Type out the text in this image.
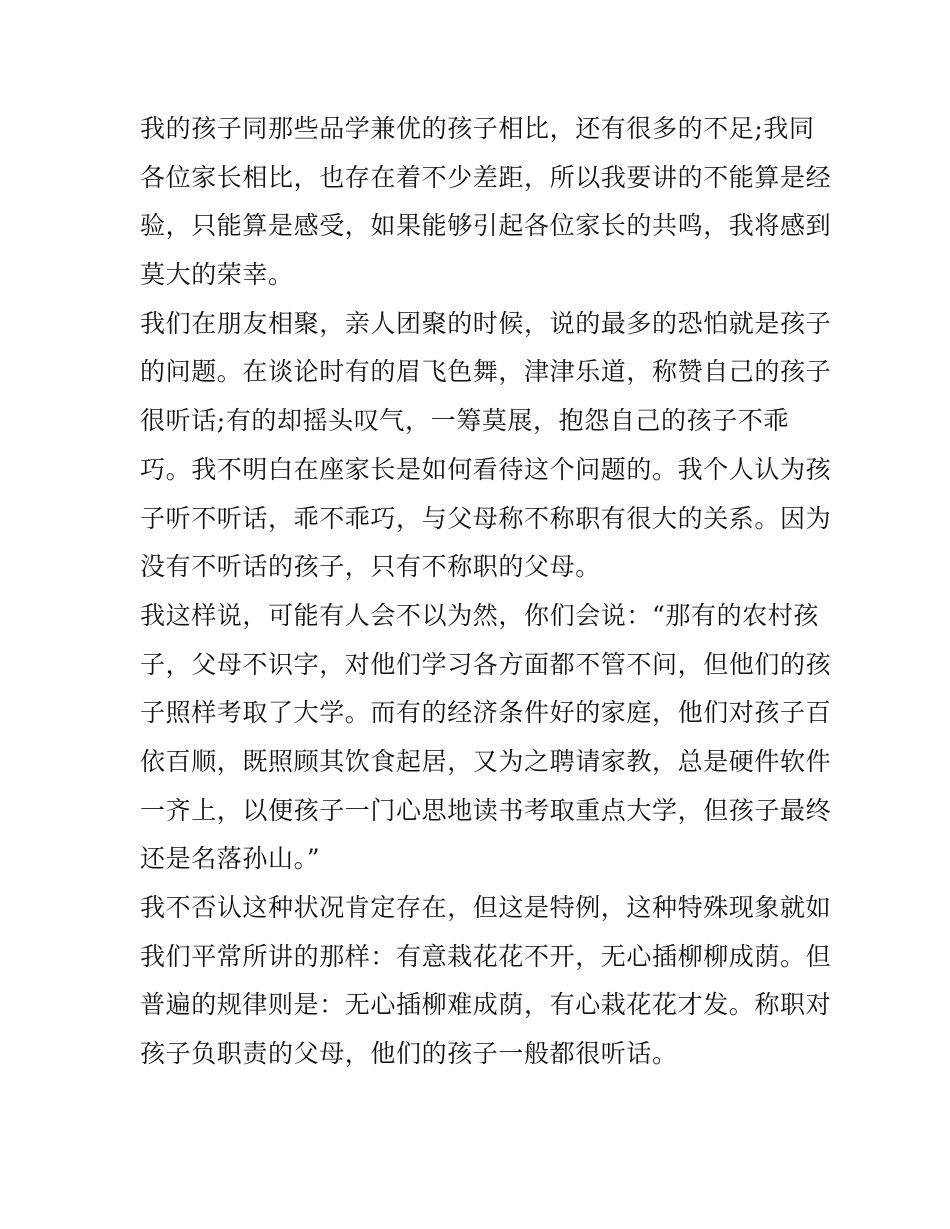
我的孩子同那些品学兼优的孩子相比，还有很多的不足;我同
各位家长相比，也存在着不少差距，所以我要讲的不能算是经
验，只能算是感受，如果能够引起各位家长的共鸣，我将感到
莫大的荣幸。
我们在朋友相聚，亲人团聚的时候，说的最多的恐怕就是孩子
的问题。在谈论时有的眉飞色舞，津津乐道，称赞自己的孩子
很听话;有的却摇头叹气，一筹莫展，抱怨自己的孩子不乖
巧。我不明白在座家长是如何看待这个问题的。我个人认为孩
子听不听话，乖不乖巧，与父母称不称职有很大的关系。因为
没有不听话的孩子，只有不称职的父母。
我这样说，可能有人会不以为然，你们会说：“那有的农村孩
子，父母不识字，对他们学习各方面都不管不问，但他们的孩
子照样考取了大学。而有的经济条件好的家庭，他们对孩子百
依百顺，既照顾其饮食起居，又为之聘请家教，总是硬件软件
一齐上，以便孩子一门心思地读书考取重点大学，但孩子最终
还是名落孙山。”
我不否认这种状况肯定存在，但这是特例，这种特殊现象就如
我们平常所讲的那样：有意栽花花不开，无心插柳柳成荫。但
普遍的规律则是：无心插柳难成荫，有心栽花花才发。称职对
孩子负职责的父母，他们的孩子一般都很听话。
